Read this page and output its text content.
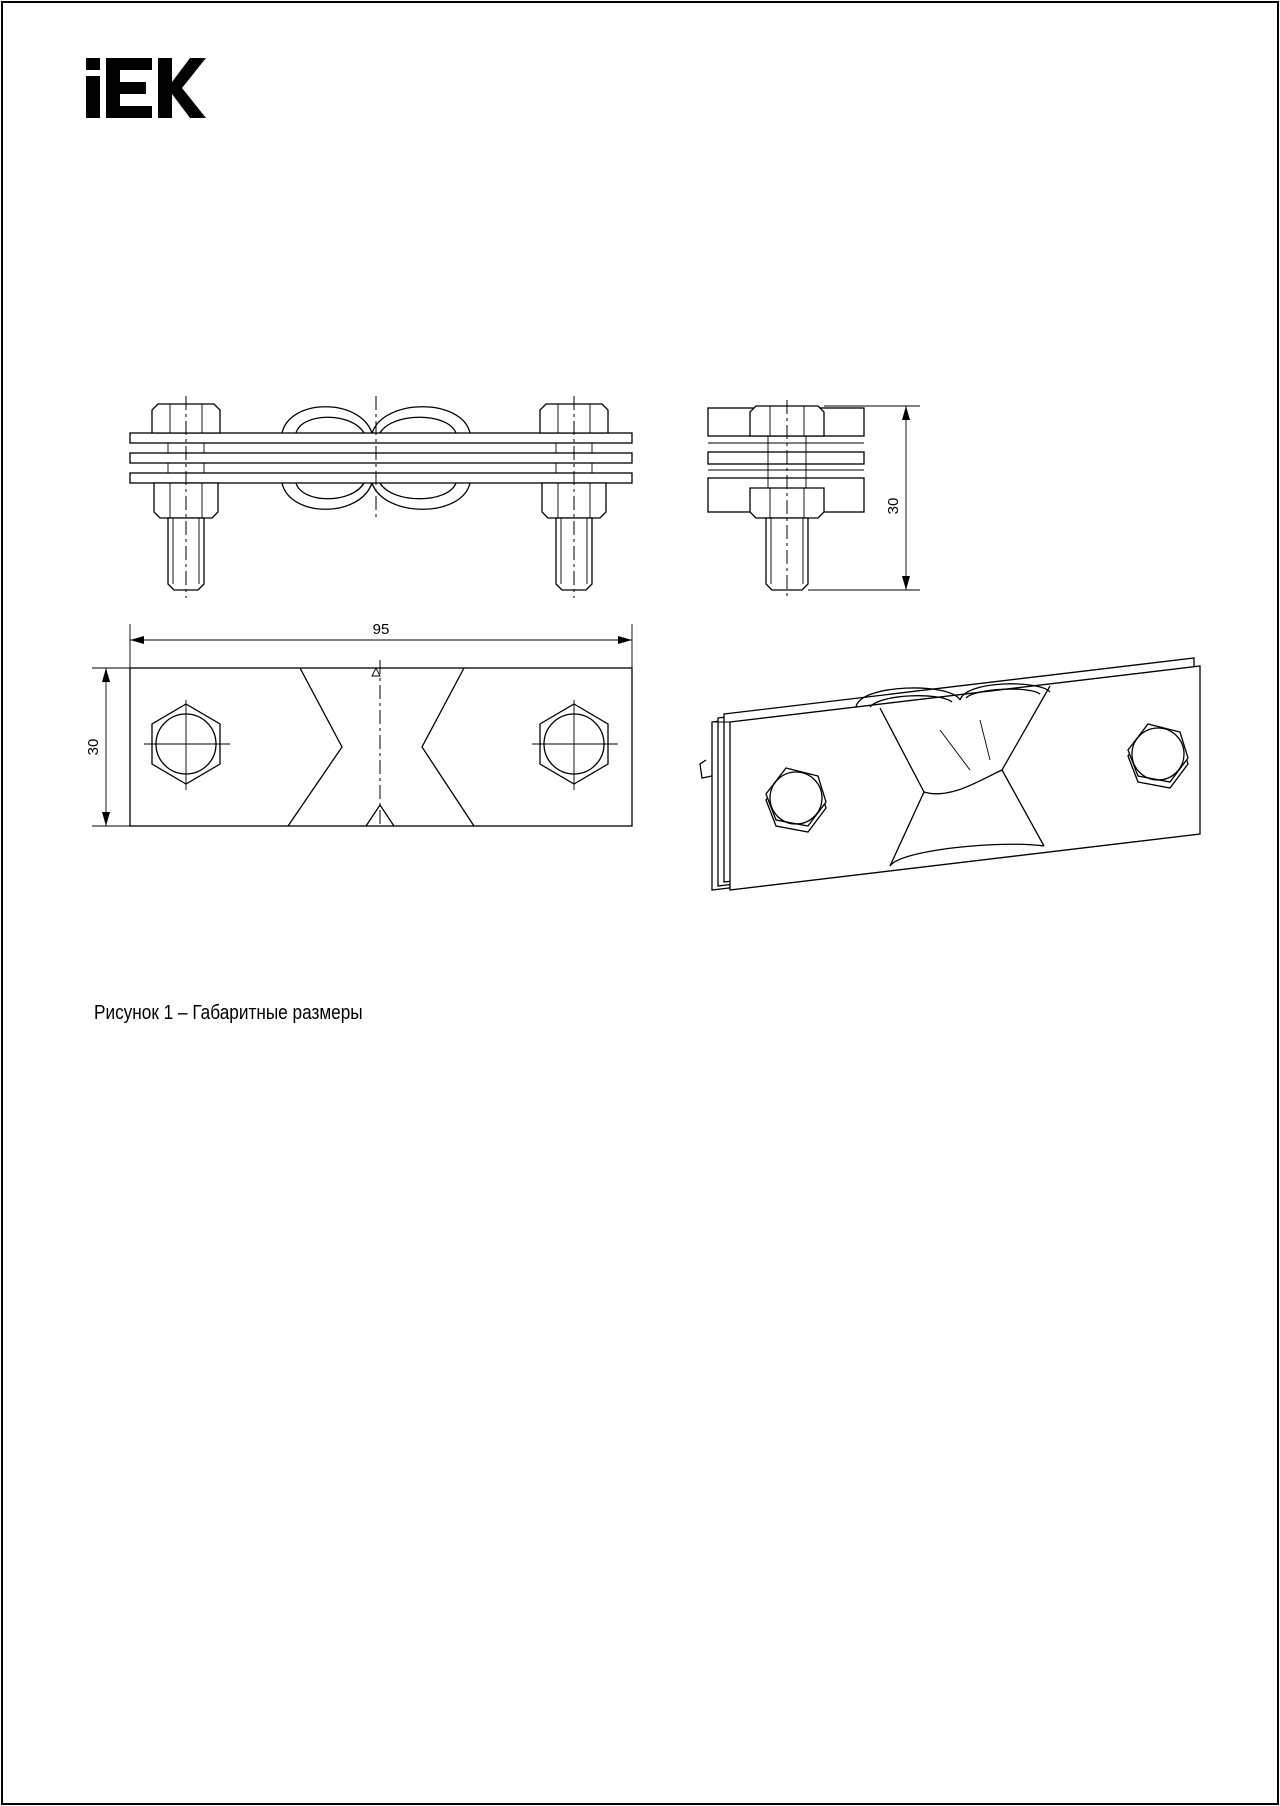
30
95
30
Рисунок 1 – Габаритные размеры
